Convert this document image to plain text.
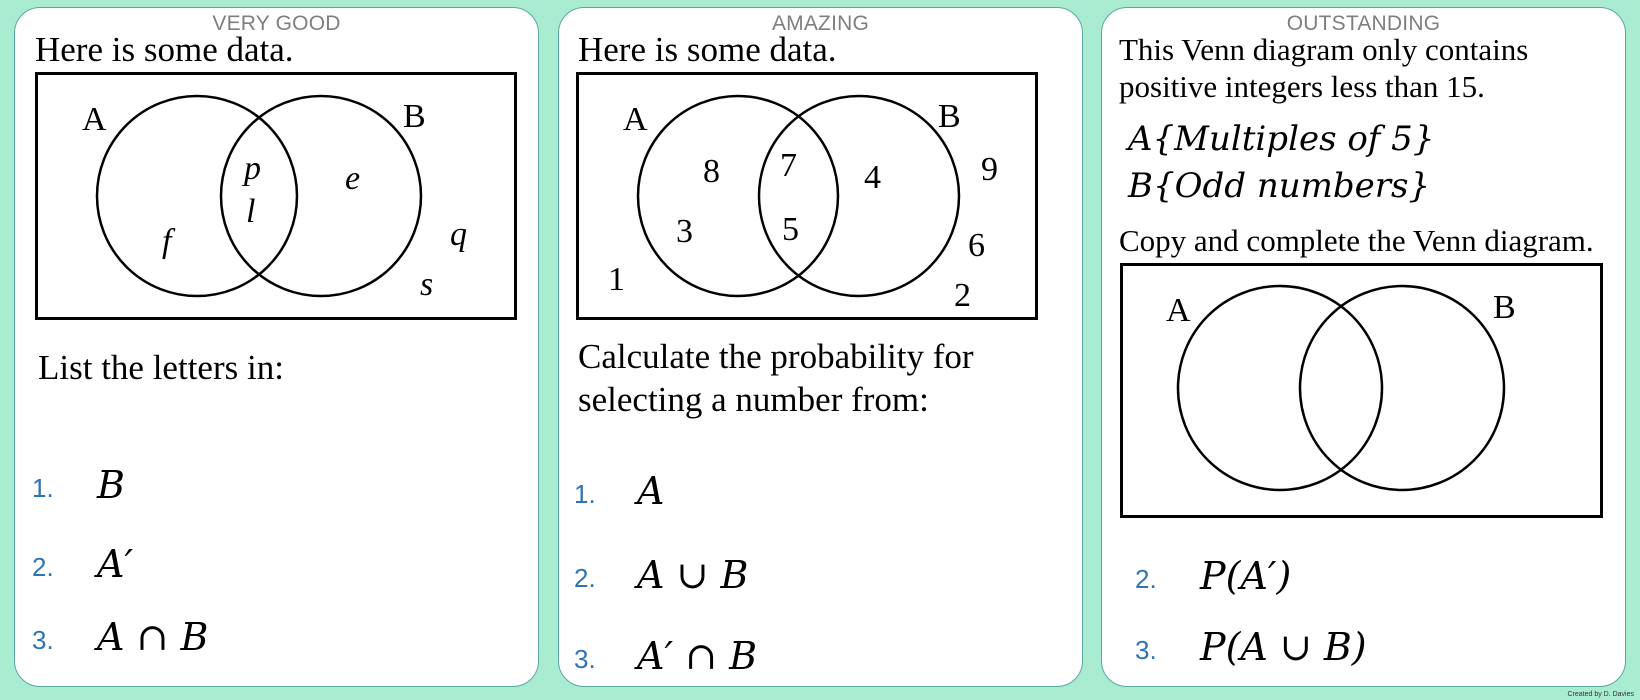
VERY GOOD
Here is some data.
A	B
f
p
l
e
q
s
List the letters in:
1. B
2. A′
3. A ∩ B
AMAZING
Here is some data.
A	B
8
3
7
5
4	9
6
2
1
Calculate the probability for
selecting a number from:
1. A
2. A ∪ B
3. A′ ∩ B
OUTSTANDING
This Venn diagram only contains
positive integers less than 15.
A{Multiples of 5}
B{Odd numbers}
Copy and complete the Venn diagram.
A	B
2. P(A′)
3. P(A ∪ B)
Created by D. Davies
